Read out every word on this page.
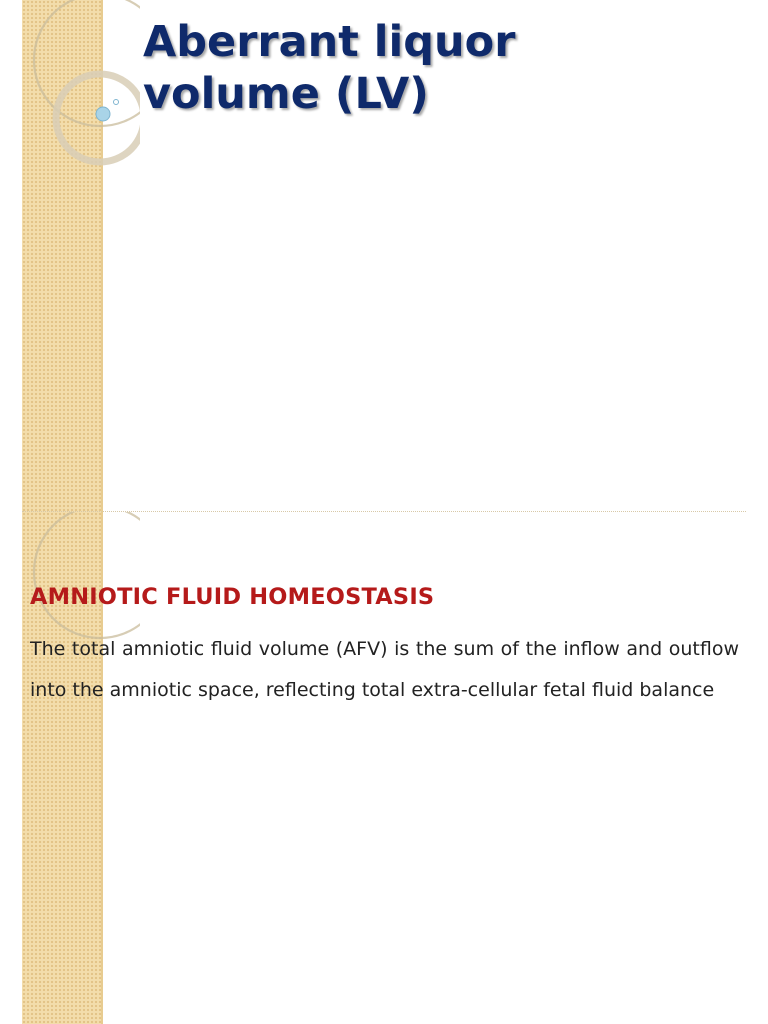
Aberrant liquor
volume (LV)
AMNIOTIC FLUID HOMEOSTASIS

The total amniotic fluid volume (AFV) is the sum of the inflow and outflow into the amniotic space, reflecting total extra-cellular fetal fluid balance
